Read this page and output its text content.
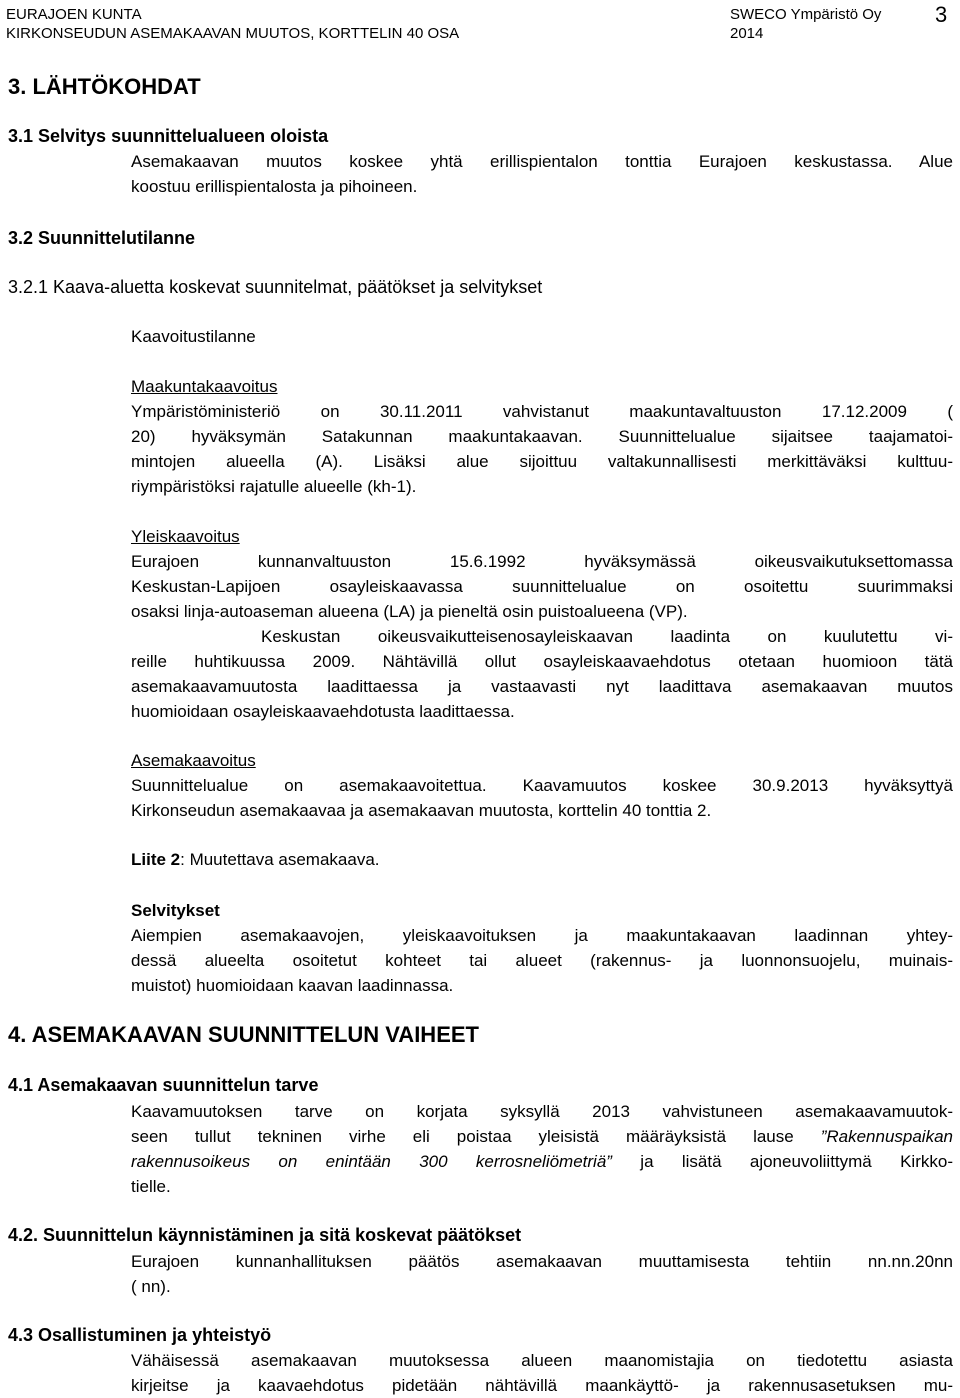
EURAJOEN KUNTA
KIRKONSEUDUN ASEMAKAAVAN MUUTOS, KORTTELIN 40 OSA
SWECO Ympäristö Oy
2014
3
3. LÄHTÖKOHDAT
3.1 Selvitys suunnittelualueen oloista
Asemakaavan muutos koskee yhtä erillispientalon tonttia Eurajoen keskustassa. Alue
koostuu erillispientalosta ja pihoineen.
3.2 Suunnittelutilanne
3.2.1 Kaava-aluetta koskevat suunnitelmat, päätökset ja selvitykset
Kaavoitustilanne
Maakuntakaavoitus
Ympäristöministeriö on 30.11.2011 vahvistanut maakuntavaltuuston 17.12.2009 (
20) hyväksymän Satakunnan maakuntakaavan. Suunnittelualue sijaitsee taajamatoi-
mintojen alueella (A). Lisäksi alue sijoittuu valtakunnallisesti merkittäväksi kulttuu-
riympäristöksi rajatulle alueelle (kh-1).
Yleiskaavoitus
Eurajoen kunnanvaltuuston 15.6.1992 hyväksymässä oikeusvaikutuksettomassa
Keskustan-Lapijoen osayleiskaavassa suunnittelualue on osoitettu suurimmaksi
osaksi linja-autoaseman alueena (LA) ja pieneltä osin puistoalueena (VP).
Keskustan oikeusvaikutteisenosayleiskaavan laadinta on kuulutettu vi-
reille huhtikuussa 2009. Nähtävillä ollut osayleiskaavaehdotus otetaan huomioon tätä
asemakaavamuutosta laadittaessa ja vastaavasti nyt laadittava asemakaavan muutos
huomioidaan osayleiskaavaehdotusta laadittaessa.
Asemakaavoitus
Suunnittelualue on asemakaavoitettua. Kaavamuutos koskee 30.9.2013 hyväksyttyä
Kirkonseudun asemakaavaa ja asemakaavan muutosta, korttelin 40 tonttia 2.
Liite 2: Muutettava asemakaava.
Selvitykset
Aiempien asemakaavojen, yleiskaavoituksen ja maakuntakaavan laadinnan yhtey-
dessä alueelta osoitetut kohteet tai alueet (rakennus- ja luonnonsuojelu, muinais-
muistot) huomioidaan kaavan laadinnassa.
4. ASEMAKAAVAN SUUNNITTELUN VAIHEET
4.1 Asemakaavan suunnittelun tarve
Kaavamuutoksen tarve on korjata syksyllä 2013 vahvistuneen asemakaavamuutok-
seen tullut tekninen virhe eli poistaa yleisistä määräyksistä lause ”Rakennuspaikan
rakennusoikeus on enintään 300 kerrosneliömetriä” ja lisätä ajoneuvoliittymä Kirkko-
tielle.
4.2. Suunnittelun käynnistäminen ja sitä koskevat päätökset
Eurajoen kunnanhallituksen päätös asemakaavan muuttamisesta tehtiin nn.nn.20nn
( nn).
4.3 Osallistuminen ja yhteistyö
Vähäisessä asemakaavan muutoksessa alueen maanomistajia on tiedotettu asiasta
kirjeitse ja kaavaehdotus pidetään nähtävillä maankäyttö- ja rakennusasetuksen mu-
